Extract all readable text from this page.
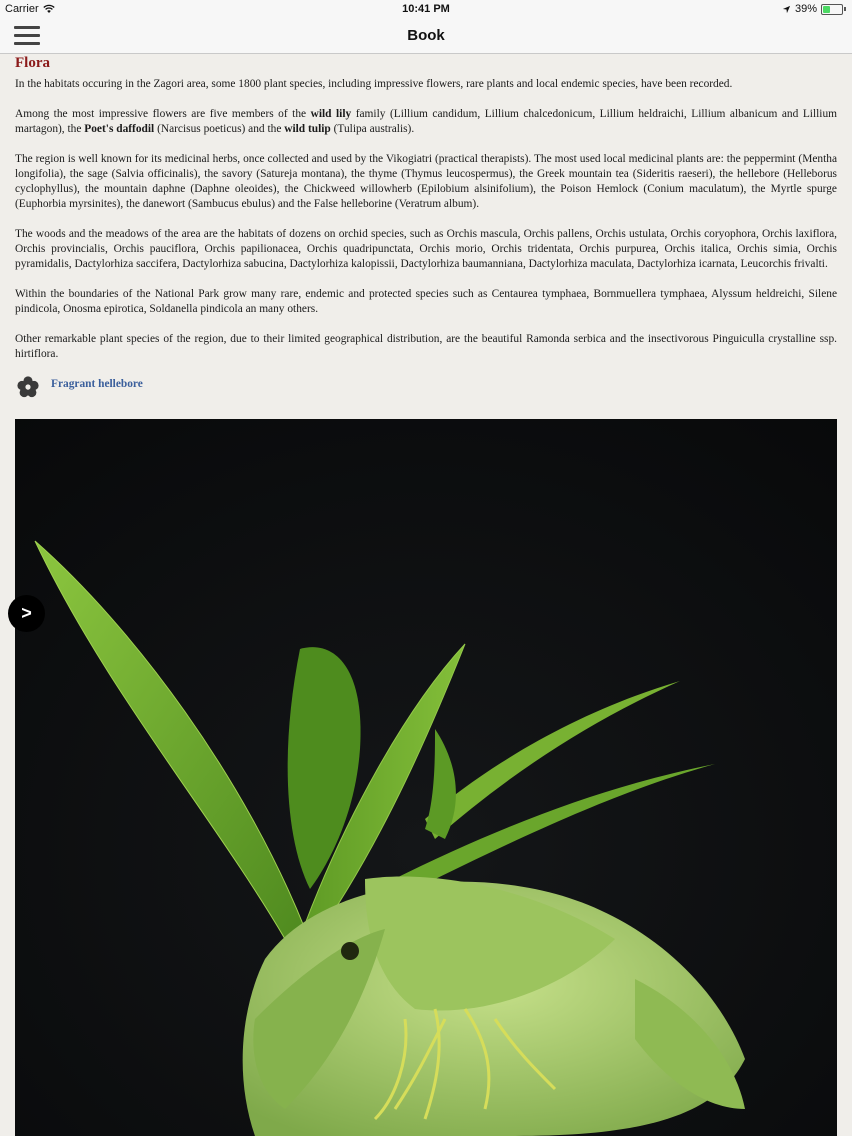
Carrier	10:41 PM	39%
Book
Flora

In the habitats occuring in the Zagori area, some 1800 plant species, including impressive flowers, rare plants and local endemic species, have been recorded.

Among the most impressive flowers are five members of the wild lily family (Lillium candidum, Lillium chalcedonicum, Lillium heldraichi, Lillium albanicum and Lillium martagon), the Poet's daffodil (Narcisus poeticus) and the wild tulip (Tulipa australis).

The region is well known for its medicinal herbs, once collected and used by the Vikogiatri (practical therapists). The most used local medicinal plants are: the peppermint (Mentha longifolia), the sage (Salvia officinalis), the savory (Satureja montana), the thyme (Thymus leucospermus), the Greek mountain tea (Sideritis raeseri), the hellebore (Helleborus cyclophyllus), the mountain daphne (Daphne oleoides), the Chickweed willowherb (Epilobium alsinifolium), the Poison Hemlock (Conium maculatum), the Myrtle spurge (Euphorbia myrsinites), the danewort (Sambucus ebulus) and the False helleborine (Veratrum album).

The woods and the meadows of the area are the habitats of dozens on orchid species, such as Orchis mascula, Orchis pallens, Orchis ustulata, Orchis coryophora, Orchis laxiflora, Orchis provincialis, Orchis pauciflora, Orchis papilionacea, Orchis quadripunctata, Orchis morio, Orchis tridentata, Orchis purpurea, Orchis italica, Orchis simia, Orchis pyramidalis, Dactylorhiza saccifera, Dactylorhiza sabucina, Dactylorhiza kalopissii, Dactylorhiza baumanniana, Dactylorhiza maculata, Dactylorhiza icarnata, Leucorchis frivalti.

Within the boundaries of the National Park grow many rare, endemic and protected species such as Centaurea tymphaea, Bornmuellera tymphaea, Alyssum heldreichi, Silene pindicola, Onosma epirotica, Soldanella pindicola an many others.

Other remarkable plant species of the region, due to their limited geographical distribution, are the beautiful Ramonda serbica and the insectivorous Pinguiculla crystalline ssp. hirtiflora.

Fragrant hellebore
>
